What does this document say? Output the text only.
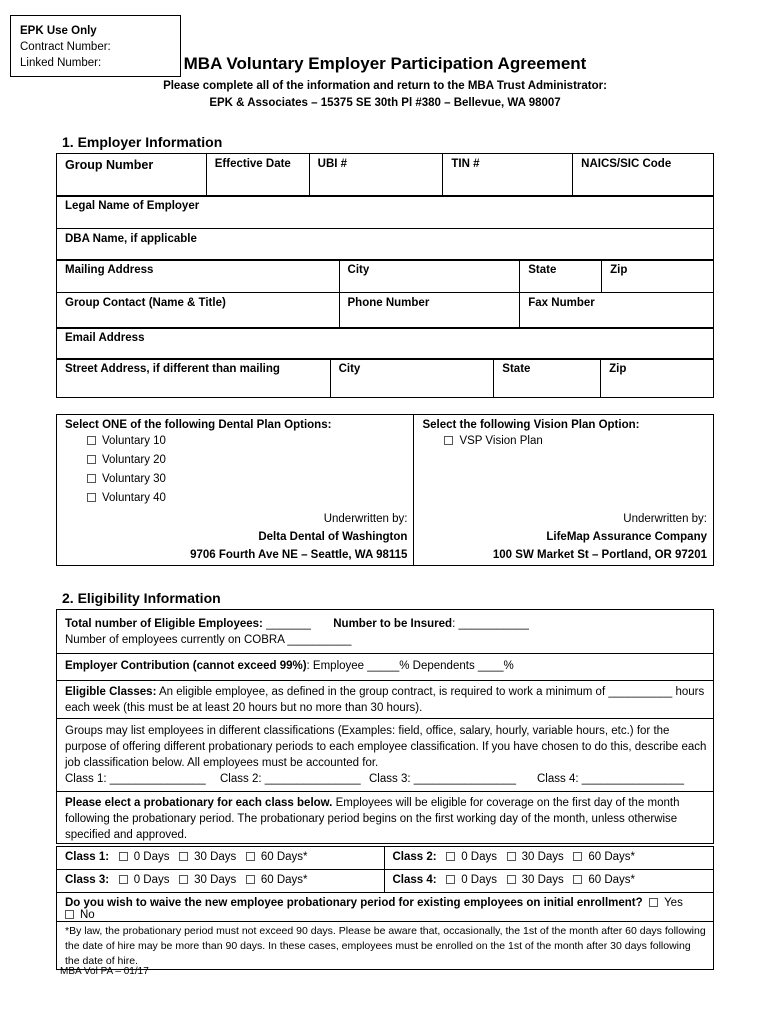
EPK Use Only
Contract Number:
Linked Number:	MBA Voluntary Employer Participation Agreement
Please complete all of the information and return to the MBA Trust Administrator:
EPK & Associates – 15375 SE 30th Pl #380 – Bellevue, WA 98007
1. Employer Information
Group Number	Effective Date	UBI #	TIN #	NAICS/SIC Code
Legal Name of Employer
DBA Name, if applicable
Mailing Address	City	State	Zip
Group Contact (Name & Title)	Phone Number	Fax Number	
Email Address
Street Address, if different than mailing	City	State	Zip
Select ONE of the following Dental Plan Options:
Voluntary 10
Voluntary 20
Voluntary 30
Voluntary 40
Underwritten by:
Delta Dental of Washington
9706 Fourth Ave NE – Seattle, WA 98115

Select the following Vision Plan Option:
VSP Vision Plan
Underwritten by:
LifeMap Assurance Company
100 SW Market St – Portland, OR 97201
2. Eligibility Information
Total number of Eligible Employees: _______ Number to be Insured: ___________
Number of employees currently on COBRA __________

Employer Contribution (cannot exceed 99%): Employee _____% Dependents ____%
Eligible Classes: An eligible employee, as defined in the group contract, is required to work a minimum of __________ hours each week (this must be at least 20 hours but no more than 30 hours).

Groups may list employees in different classifications (Examples: field, office, salary, hourly, variable hours, etc.) for the purpose of offering different probationary periods to each employee classification. If you have chosen to do this, describe each job classification below. All employees must be accounted for.
Class 1: _______________ Class 2: _______________ Class 3: ________________ Class 4: ________________

Please elect a probationary for each class below. Employees will be eligible for coverage on the first day of the month following the probationary period. The probationary period begins on the first working day of the month, unless otherwise specified and approved.
Class 1: 0 Days 30 Days 60 Days*	Class 2: 0 Days 30 Days 60 Days*
Class 3: 0 Days 30 Days 60 Days*	Class 4: 0 Days 30 Days 60 Days*
Do you wish to waive the new employee probationary period for existing employees on initial enrollment? Yes   No
*By law, the probationary period must not exceed 90 days. Please be aware that, occasionally, the 1st of the month after 60 days following the date of hire may be more than 90 days. In these cases, employees must be enrolled on the 1st of the month after 30 days following the date of hire.
MBA Vol PA – 01/17
